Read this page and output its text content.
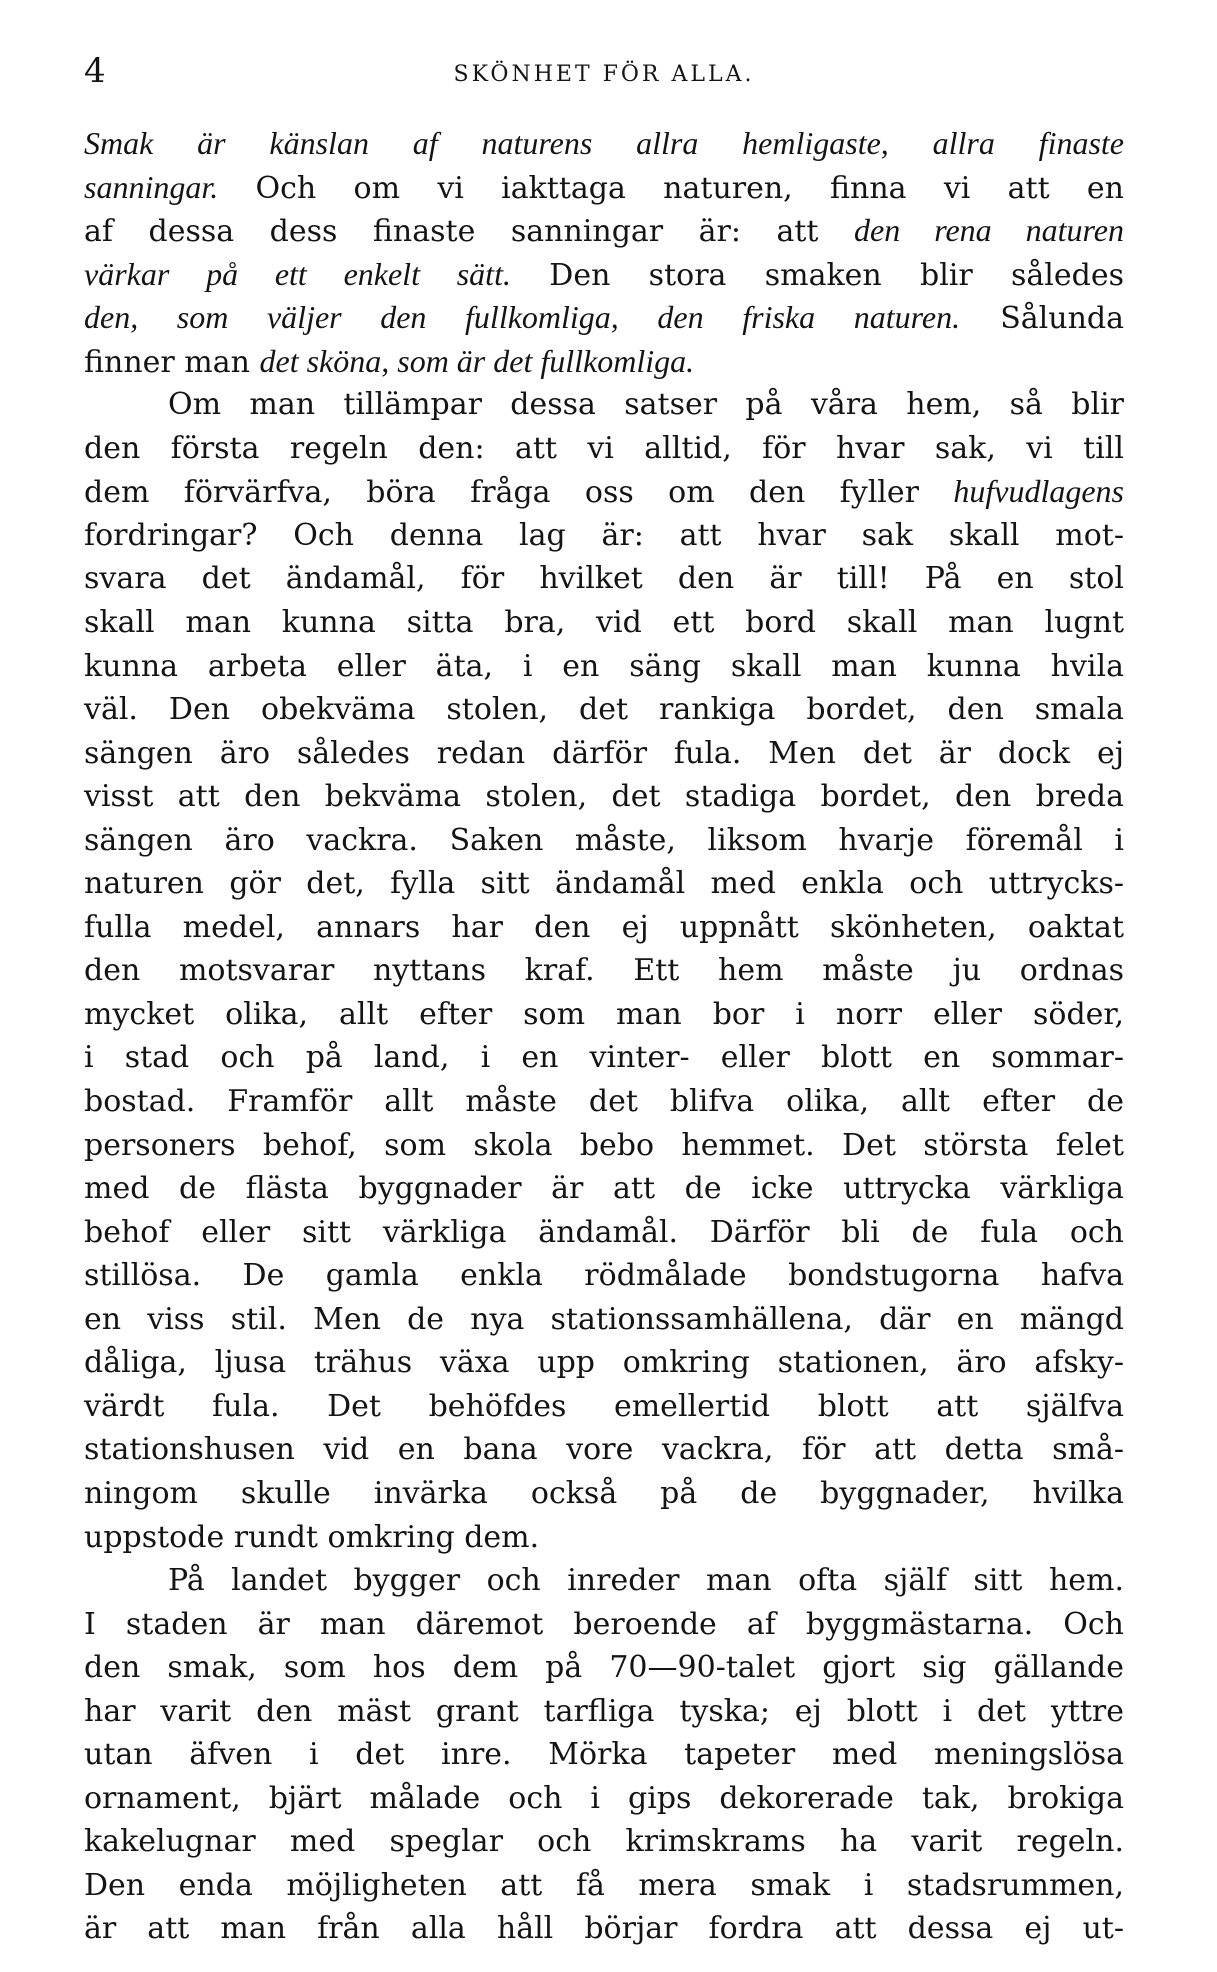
4	SKÖNHET FÖR ALLA.
Smak är känslan af naturens allra hemligaste, allra finaste
sanningar. Och om vi iakttaga naturen, finna vi att en
af dessa dess finaste sanningar är: att den rena naturen
värkar på ett enkelt sätt. Den stora smaken blir således
den, som väljer den fullkomliga, den friska naturen. Sålunda
finner man det sköna, som är det fullkomliga.
Om man tillämpar dessa satser på våra hem, så blir
den första regeln den: att vi alltid, för hvar sak, vi till
dem förvärfva, böra fråga oss om den fyller hufvudlagens
fordringar? Och denna lag är: att hvar sak skall mot-
svara det ändamål, för hvilket den är till! På en stol
skall man kunna sitta bra, vid ett bord skall man lugnt
kunna arbeta eller äta, i en säng skall man kunna hvila
väl. Den obekväma stolen, det rankiga bordet, den smala
sängen äro således redan därför fula. Men det är dock ej
visst att den bekväma stolen, det stadiga bordet, den breda
sängen äro vackra. Saken måste, liksom hvarje föremål i
naturen gör det, fylla sitt ändamål med enkla och uttrycks-
fulla medel, annars har den ej uppnått skönheten, oaktat
den motsvarar nyttans kraf. Ett hem måste ju ordnas
mycket olika, allt efter som man bor i norr eller söder,
i stad och på land, i en vinter- eller blott en sommar-
bostad. Framför allt måste det blifva olika, allt efter de
personers behof, som skola bebo hemmet. Det största felet
med de flästa byggnader är att de icke uttrycka värkliga
behof eller sitt värkliga ändamål. Därför bli de fula och
stillösa. De gamla enkla rödmålade bondstugorna hafva
en viss stil. Men de nya stationssamhällena, där en mängd
dåliga, ljusa trähus växa upp omkring stationen, äro afsky-
värdt fula. Det behöfdes emellertid blott att själfva
stationshusen vid en bana vore vackra, för att detta små-
ningom skulle invärka också på de byggnader, hvilka
uppstode rundt omkring dem.
På landet bygger och inreder man ofta själf sitt hem.
I staden är man däremot beroende af byggmästarna. Och
den smak, som hos dem på 70—90-talet gjort sig gällande
har varit den mäst grant tarfliga tyska; ej blott i det yttre
utan äfven i det inre. Mörka tapeter med meningslösa
ornament, bjärt målade och i gips dekorerade tak, brokiga
kakelugnar med speglar och krimskrams ha varit regeln.
Den enda möjligheten att få mera smak i stadsrummen,
är att man från alla håll börjar fordra att dessa ej ut-
